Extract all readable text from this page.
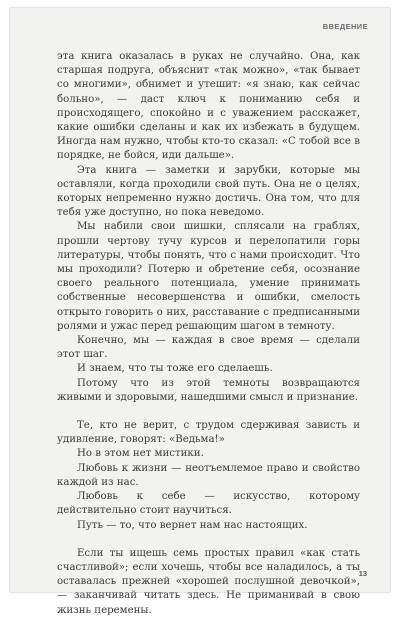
ВВЕДЕНИЕ

эта книга оказалась в руках не случайно. Она, как старшая подруга, объяснит «так можно», «так бывает со многими», обнимет и утешит: «я знаю, как сейчас больно», — даст ключ к пониманию себя и происходящего, спокойно и с уважением расскажет, какие ошибки сделаны и как их избежать в будущем. Иногда нам нужно, чтобы кто-то сказал: «С тобой все в порядке, не бойся, иди дальше».

Эта книга — заметки и зарубки, которые мы оставляли, когда проходили свой путь. Она не о целях, которых непременно нужно достичь. Она том, что для тебя уже доступно, но пока неведомо.

Мы набили свои шишки, сплясали на граблях, прошли чертову тучу курсов и перелопатили горы литературы, чтобы понять, что с нами происходит. Что мы проходили? Потерю и обретение себя, осознание своего реального потенциала, умение принимать собственные несовершенства и ошибки, смелость открыто говорить о них, расставание с предписанными ролями и ужас перед решающим шагом в темноту.

Конечно, мы — каждая в свое время — сделали этот шаг.

И знаем, что ты тоже его сделаешь.

Потому что из этой темноты возвращаются живыми и здоровыми, нашедшими смысл и признание.

Те, кто не верит, с трудом сдерживая зависть и удивление, говорят: «Ведьма!»

Но в этом нет мистики.

Любовь к жизни — неотъемлемое право и свойство каждой из нас.

Любовь к себе — искусство, которому действительно стоит научиться.

Путь — то, что вернет нам нас настоящих.

Если ты ищешь семь простых правил «как стать счастливой»; если хочешь, чтобы все наладилось, а ты оставалась прежней «хорошей послушной девочкой», — заканчивай читать здесь. Не приманивай в свою жизнь перемены.

13
